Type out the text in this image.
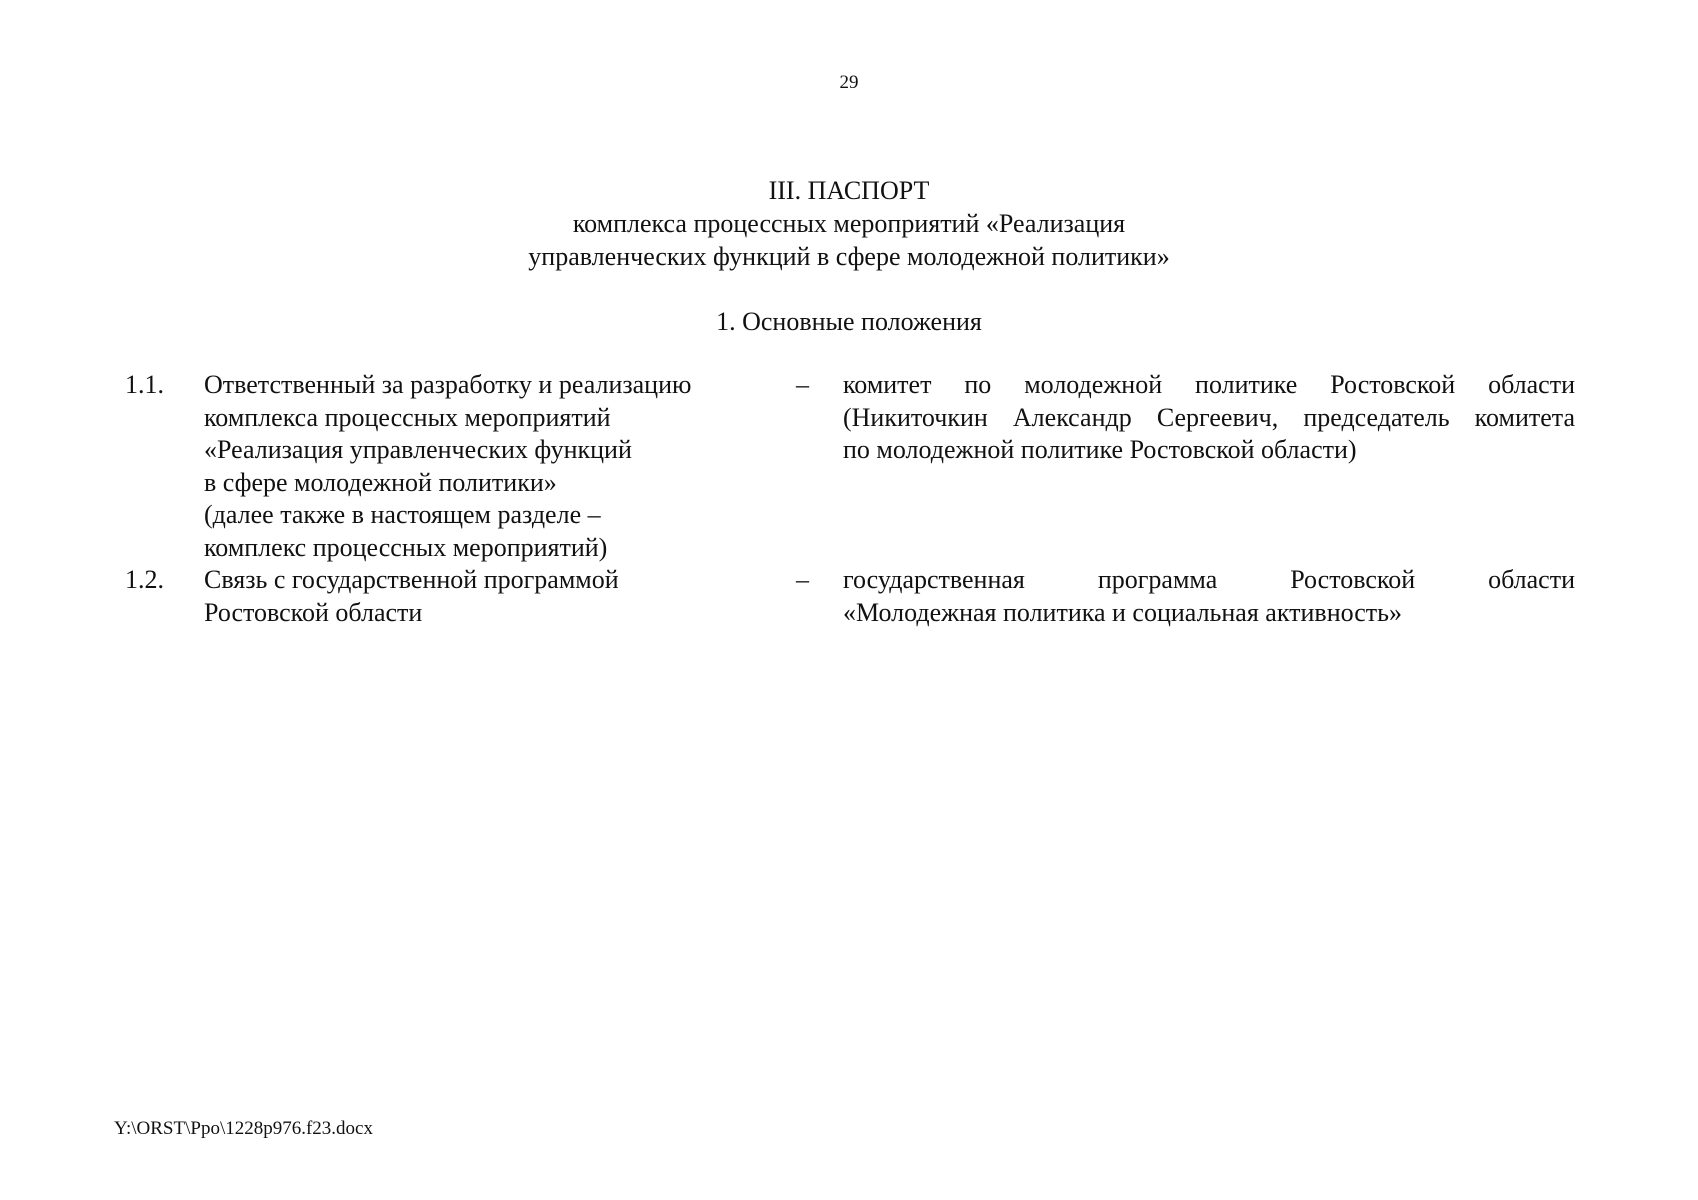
29
III. ПАСПОРТ
комплекса процессных мероприятий «Реализация
управленческих функций в сфере молодежной политики»
1. Основные положения
1.1. Ответственный за разработку и реализацию
комплекса процессных мероприятий
«Реализация управленческих функций
в сфере молодежной политики»
(далее также в настоящем разделе –
комплекс процессных мероприятий)
– комитет по молодежной политике Ростовской области
(Никиточкин Александр Сергеевич, председатель комитета
по молодежной политике Ростовской области)
1.2. Связь с государственной программой
Ростовской области
– государственная программа Ростовской области
«Молодежная политика и социальная активность»
Y:\ORST\Ppo\1228p976.f23.docx
